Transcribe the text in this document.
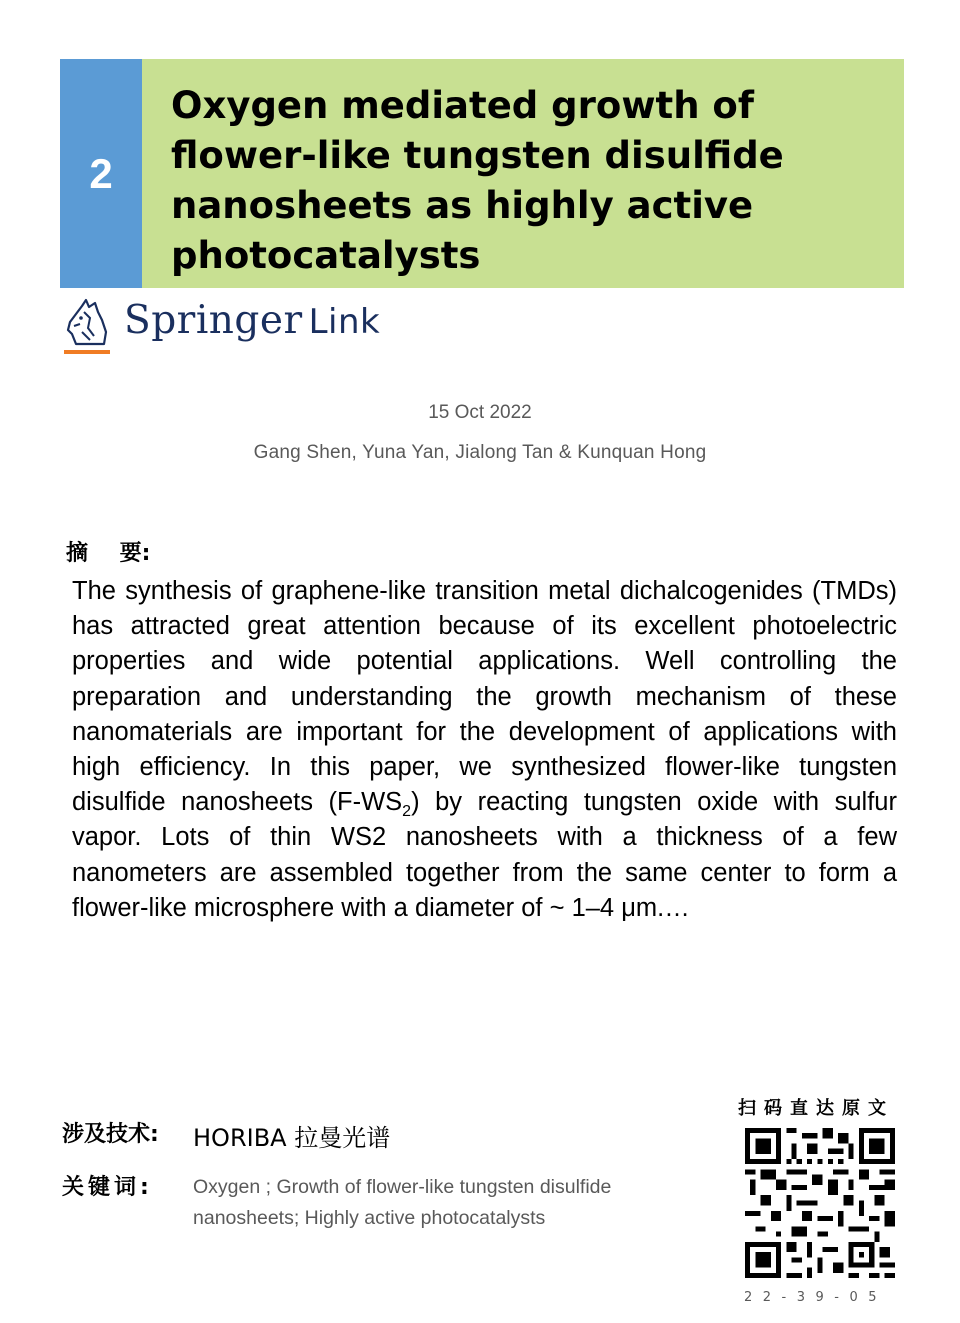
2
Oxygen mediated growth of flower-like tungsten disulfide nanosheets as highly active photocatalysts
Springer Link
15 Oct 2022
Gang Shen, Yuna Yan, Jialong Tan & Kunquan Hong
摘 要:

The synthesis of graphene-like transition metal dichalcogenides (TMDs) has attracted great attention because of its excellent photoelectric properties and wide potential applications. Well controlling the preparation and understanding the growth mechanism of these nanomaterials are important for the development of applications with high efficiency. In this paper, we synthesized flower-like tungsten disulfide nanosheets $(F-WS_2)$ by reacting tungsten oxide with sulfur vapor. Lots of thin WS2 nanosheets with a thickness of a few nanometers are assembled together from the same center to form a flower-like microsphere with a diameter of ~ 1–4 μm.…

涉及技术: HORIBA 拉曼光谱
关键词: Oxygen ; Growth of flower-like tungsten disulfide nanosheets; Highly active photocatalysts
扫码直达原文
22-39-05
